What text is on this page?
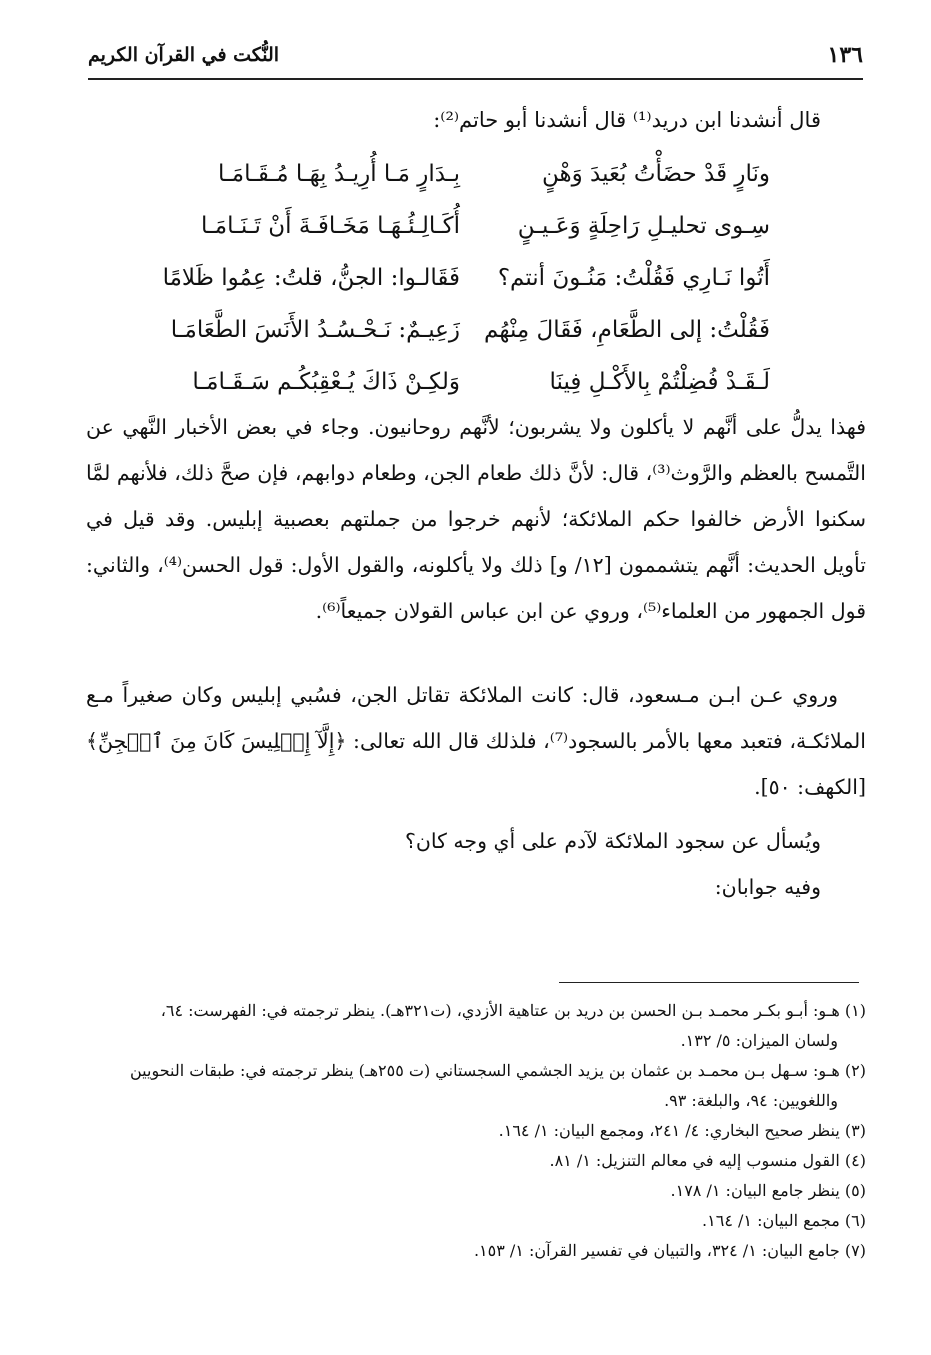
١٣٦
النُّكت في القرآن الكريم
قال أنشدنا ابن دريد⁽¹⁾ قال أنشدنا أبو حاتم⁽²⁾:
ونَارٍ قَدْ حضَأْتُ بُعَيدَ وَهْنٍ
بِـدَارٍ مَـا أُرِيـدُ بِهَـا مُـقَـامَـا
سِـوى تحليـلِ رَاحِلَةٍ وَعَـيـنٍ
أُكَـالِـئُـهَـا مَخَـافَـةَ أَنْ تَـنَـامَـا
أَتُوا نَـارِي فَقُلْتُ: مَنُـونَ أنتم؟
فَقَالـوا: الجنُّ، قلتُ: عِمُوا ظَلامًا
فَقُلْتُ: إلى الطَّعَامِ، فَقَالَ مِنْهُم
زَعِيـمٌ: نَـحْـسُـدُ الأَنَسَ الطَّعَامَـا
لَـقَـدْ فُضِلْتُمْ بِالأَكْـلِ فِينَا
وَلكِـنْ ذَاكَ يُـعْقِبُكُـم سَـقَـامَـا

فهذا يدلُّ على أنَّهم لا يأكلون ولا يشربون؛ لأنَّهم روحانيون. وجاء في بعض الأخبار النَّهي عن التَّمسح بالعظم والرَّوث⁽³⁾، قال: لأنَّ ذلك طعام الجن، وطعام دوابهم، فإن صحَّ ذلك، فلأنهم لمَّا سكنوا الأرض خالفوا حكم الملائكة؛ لأنهم خرجوا من جملتهم بعصبية إبليس. وقد قيل في تأويل الحديث: أنَّهم يتشممون [١٢/ و] ذلك ولا يأكلونه، والقول الأول: قول الحسن⁽⁴⁾، والثاني: قول الجمهور من العلماء⁽⁵⁾، وروي عن ابن عباس القولان جميعاً⁽⁶⁾.

وروي عـن ابـن مـسعود، قال: كانت الملائكة تقاتل الجن، فسُبي إبليس وكان صغيراً مـع الملائكـة، فتعبد معها بالأمر بالسجود⁽⁷⁾، فلذلك قال الله تعالى: ﴿إِلَّآ إِبۡلِيسَ كَانَ مِنَ ٱلۡجِنِّ﴾ [الكهف: ٥٠].

ويُسأل عن سجود الملائكة لآدم على أي وجه كان؟
وفيه جوابان:

(١) هـو: أبـو بكـر محمـد بـن الحسن بن دريد بن عتاهية الأزدي، (ت٣٢١هـ). ينظر ترجمته في: الفهرست: ٦٤،
ولسان الميزان: ٥/ ١٣٢.

(٢) هـو: سـهل بـن محمـد بن عثمان بن يزيد الجشمي السجستاني (ت ٢٥٥هـ) ينظر ترجمته في: طبقات النحويين
واللغويين: ٩٤، والبلغة: ٩٣.

(٣) ينظر صحيح البخاري: ٤/ ٢٤١، ومجمع البيان: ١/ ١٦٤.

(٤) القول منسوب إليه في معالم التنزيل: ١/ ٨١.

(٥) ينظر جامع البيان: ١/ ١٧٨.

(٦) مجمع البيان: ١/ ١٦٤.

(٧) جامع البيان: ١/ ٣٢٤، والتبيان في تفسير القرآن: ١/ ١٥٣.
